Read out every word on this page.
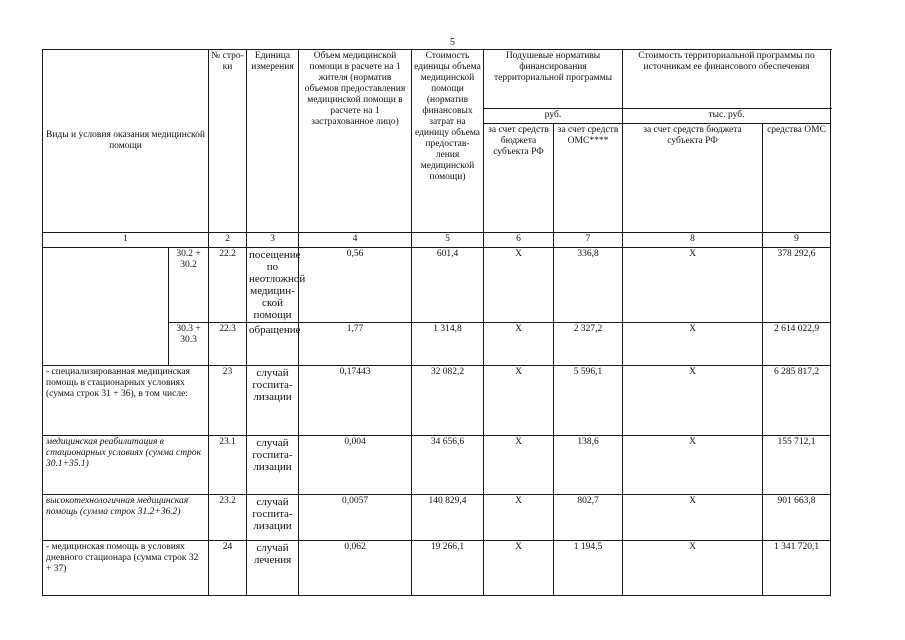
5
Виды и условия оказания медицинской помощи		№ стро-ки	Единица измерения	Объем медицинской помощи в расчете на 1 жителя (норматив объемов предоставления медицинской помощи в расчете на 1 застрахованное лицо)	Стоимость единицы объема медицинской помощи (норматив финансовых затрат на единицу объема предостав-ления медицинской помощи)	Подушевые нормативы финансирования территориальной программы		Стоимость территориальной программы по источникам ее финансового обеспечения		
						руб.		тыс. руб.		
						за счет средств бюджета субъекта РФ	за счет средств ОМС****	за счет средств бюджета субъекта РФ	средства ОМС	
1		2	3	4	5	6	7	8	9	
	30.2 + 30.2	22.2	посещение по неотложной медицин-ской помощи	0,56	601,4	X	336,8	X	378 292,6	
	30.3 + 30.3	22.3	обращение	1,77	1 314,8	X	2 327,2	X	2 614 022,9	
- специализированная медицинская помощь в стационарных условиях (сумма строк 31 + 36), в том числе:		23	случай госпита-лизации	0,17443	32 082,2	X	5 596,1	X	6 285 817,2	
медицинская реабилитация в стационарных условиях (сумма строк 30.1+35.1)		23.1	случай госпита-лизации	0,004	34 656,6	X	138,6	X	155 712,1	
высокотехнологичная медицинская помощь (сумма строк 31.2+36.2)		23.2	случай госпита-лизации	0,0057	140 829,4	X	802,7	X	901 663,8	
- медицинская помощь в условиях дневного стационара (сумма строк 32 + 37)		24	случай лечения	0,062	19 266,1	X	1 194,5	X	1 341 720,1	
